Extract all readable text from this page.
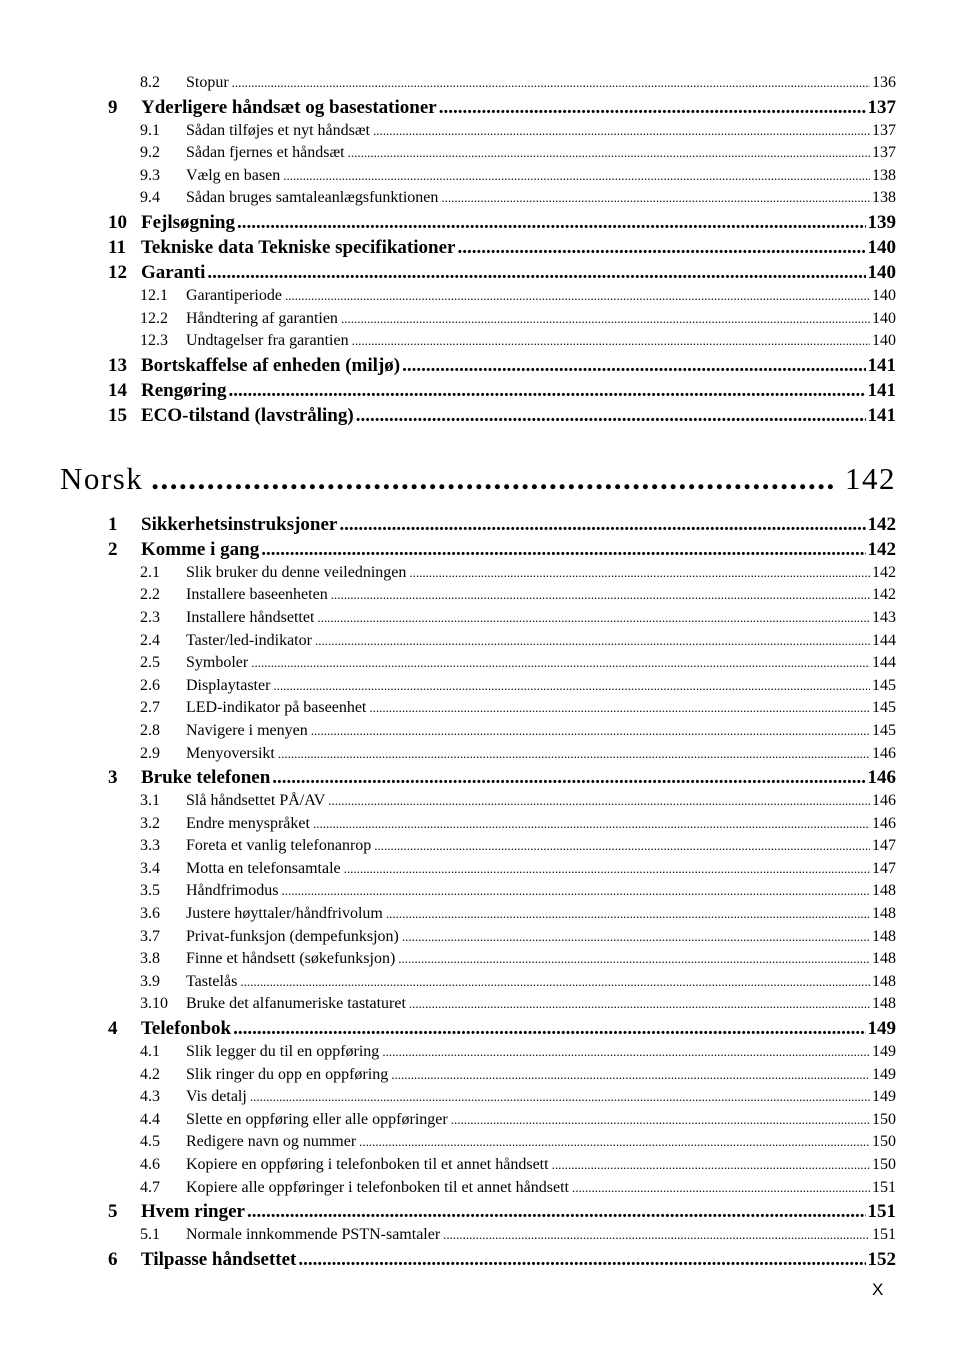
8.2	Stopur .....	136
9	Yderligere håndsæt og basestationer .....	137
9.1	Sådan tilføjes et nyt håndsæt .....	137
9.2	Sådan fjernes et håndsæt .....	137
9.3	Vælg en basen .....	138
9.4	Sådan bruges samtaleanlægsfunktionen .....	138
10 Fejlsøgning .....	139
11 Tekniske data Tekniske specifikationer .....	140
12 Garanti .....	140
12.1	Garantiperiode .....	140
12.2	Håndtering af garantien .....	140
12.3	Undtagelser fra garantien .....	140
13 Bortskaffelse af enheden (miljø) .....	141
14 Rengøring .....	141
15 ECO-tilstand (lavstråling) .....	141
Norsk .....	142
1	Sikkerhetsinstruksjoner .....	142
2	Komme i gang .....	142
2.1	Slik bruker du denne veiledningen .....	142
2.2	Installere baseenheten .....	142
2.3	Installere håndsettet .....	143
2.4	Taster/led-indikator .....	144
2.5	Symboler .....	144
2.6	Displaytaster .....	145
2.7	LED-indikator på baseenhet .....	145
2.8	Navigere i menyen .....	145
2.9	Menyoversikt .....	146
3	Bruke telefonen .....	146
3.1	Slå håndsettet PÅ/AV .....	146
3.2	Endre menyspråket .....	146
3.3	Foreta et vanlig telefonanrop .....	147
3.4	Motta en telefonsamtale .....	147
3.5	Håndfrimodus .....	148
3.6	Justere høyttaler/håndfrivolum .....	148
3.7	Privat-funksjon (dempefunksjon) .....	148
3.8	Finne et håndsett (søkefunksjon) .....	148
3.9	Tastelås .....	148
3.10	Bruke det alfanumeriske tastaturet .....	148
4	Telefonbok .....	149
4.1	Slik legger du til en oppføring .....	149
4.2	Slik ringer du opp en oppføring .....	149
4.3	Vis detalj .....	149
4.4	Slette en oppføring eller alle oppføringer .....	150
4.5	Redigere navn og nummer .....	150
4.6	Kopiere en oppføring i telefonboken til et annet håndsett .....	150
4.7	Kopiere alle oppføringer i telefonboken til et annet håndsett .....	151
5	Hvem ringer .....	151
5.1	Normale innkommende PSTN-samtaler .....	151
6	Tilpasse håndsettet .....	152
X
